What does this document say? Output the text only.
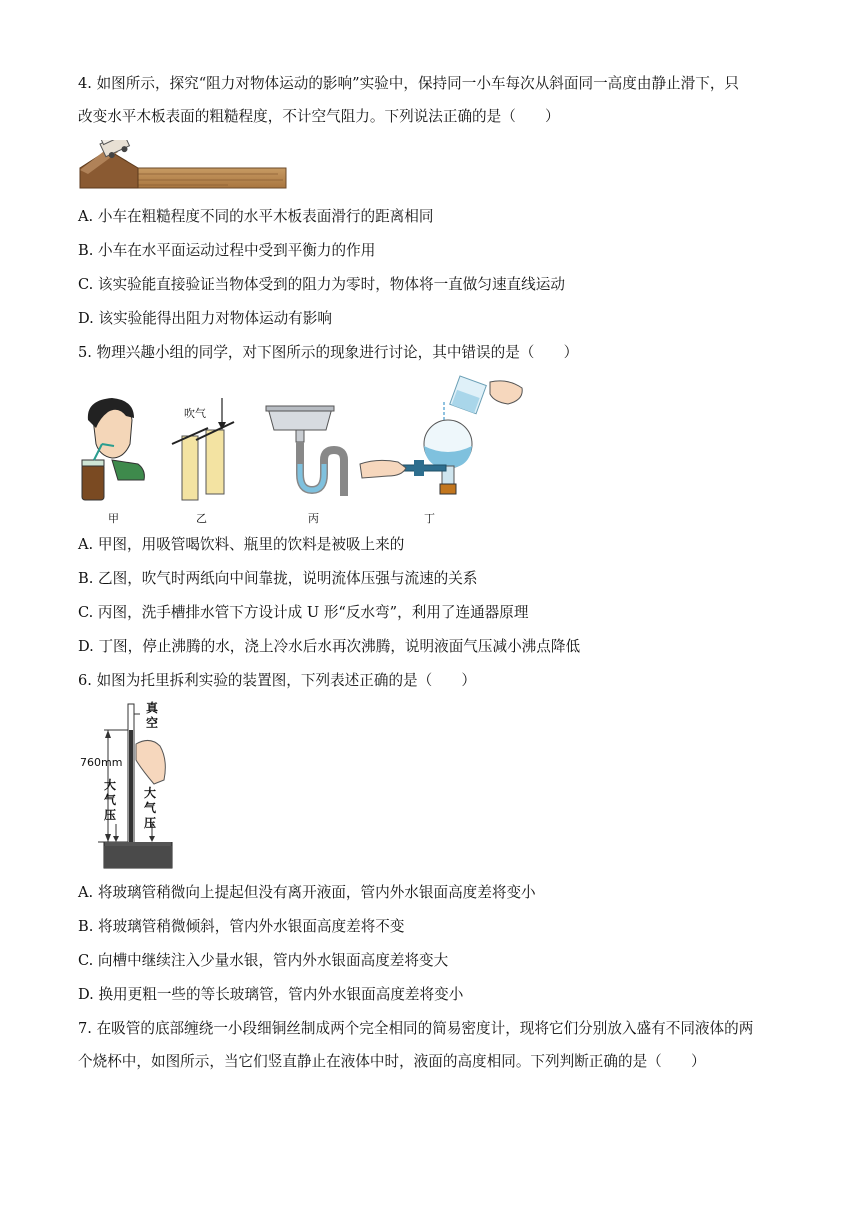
4. 如图所示，探究“阻力对物体运动的影响”实验中，保持同一小车每次从斜面同一高度由静止滑下，只
改变水平木板表面的粗糙程度，不计空气阻力。下列说法正确的是（　　）
A. 小车在粗糙程度不同的水平木板表面滑行的距离相同
B. 小车在水平面运动过程中受到平衡力的作用
C. 该实验能直接验证当物体受到的阻力为零时，物体将一直做匀速直线运动
D. 该实验能得出阻力对物体运动有影响
5. 物理兴趣小组的同学，对下图所示的现象进行讨论，其中错误的是（　　）
甲
吹气
乙	丙	丁
A. 甲图，用吸管喝饮料、瓶里的饮料是被吸上来的
B. 乙图，吹气时两纸向中间靠拢，说明流体压强与流速的关系
C. 丙图，洗手槽排水管下方设计成 U 形“反水弯”，利用了连通器原理
D. 丁图，停止沸腾的水，浇上冷水后水再次沸腾，说明液面气压减小沸点降低
6. 如图为托里拆利实验的装置图，下列表述正确的是（　　）
真
空
760mm
大
气
压
大
气
压
A. 将玻璃管稍微向上提起但没有离开液面，管内外水银面高度差将变小
B. 将玻璃管稍微倾斜，管内外水银面高度差将不变
C. 向槽中继续注入少量水银，管内外水银面高度差将变大
D. 换用更粗一些的等长玻璃管，管内外水银面高度差将变小
7. 在吸管的底部缠绕一小段细铜丝制成两个完全相同的简易密度计，现将它们分别放入盛有不同液体的两
个烧杯中，如图所示，当它们竖直静止在液体中时，液面的高度相同。下列判断正确的是（　　）
